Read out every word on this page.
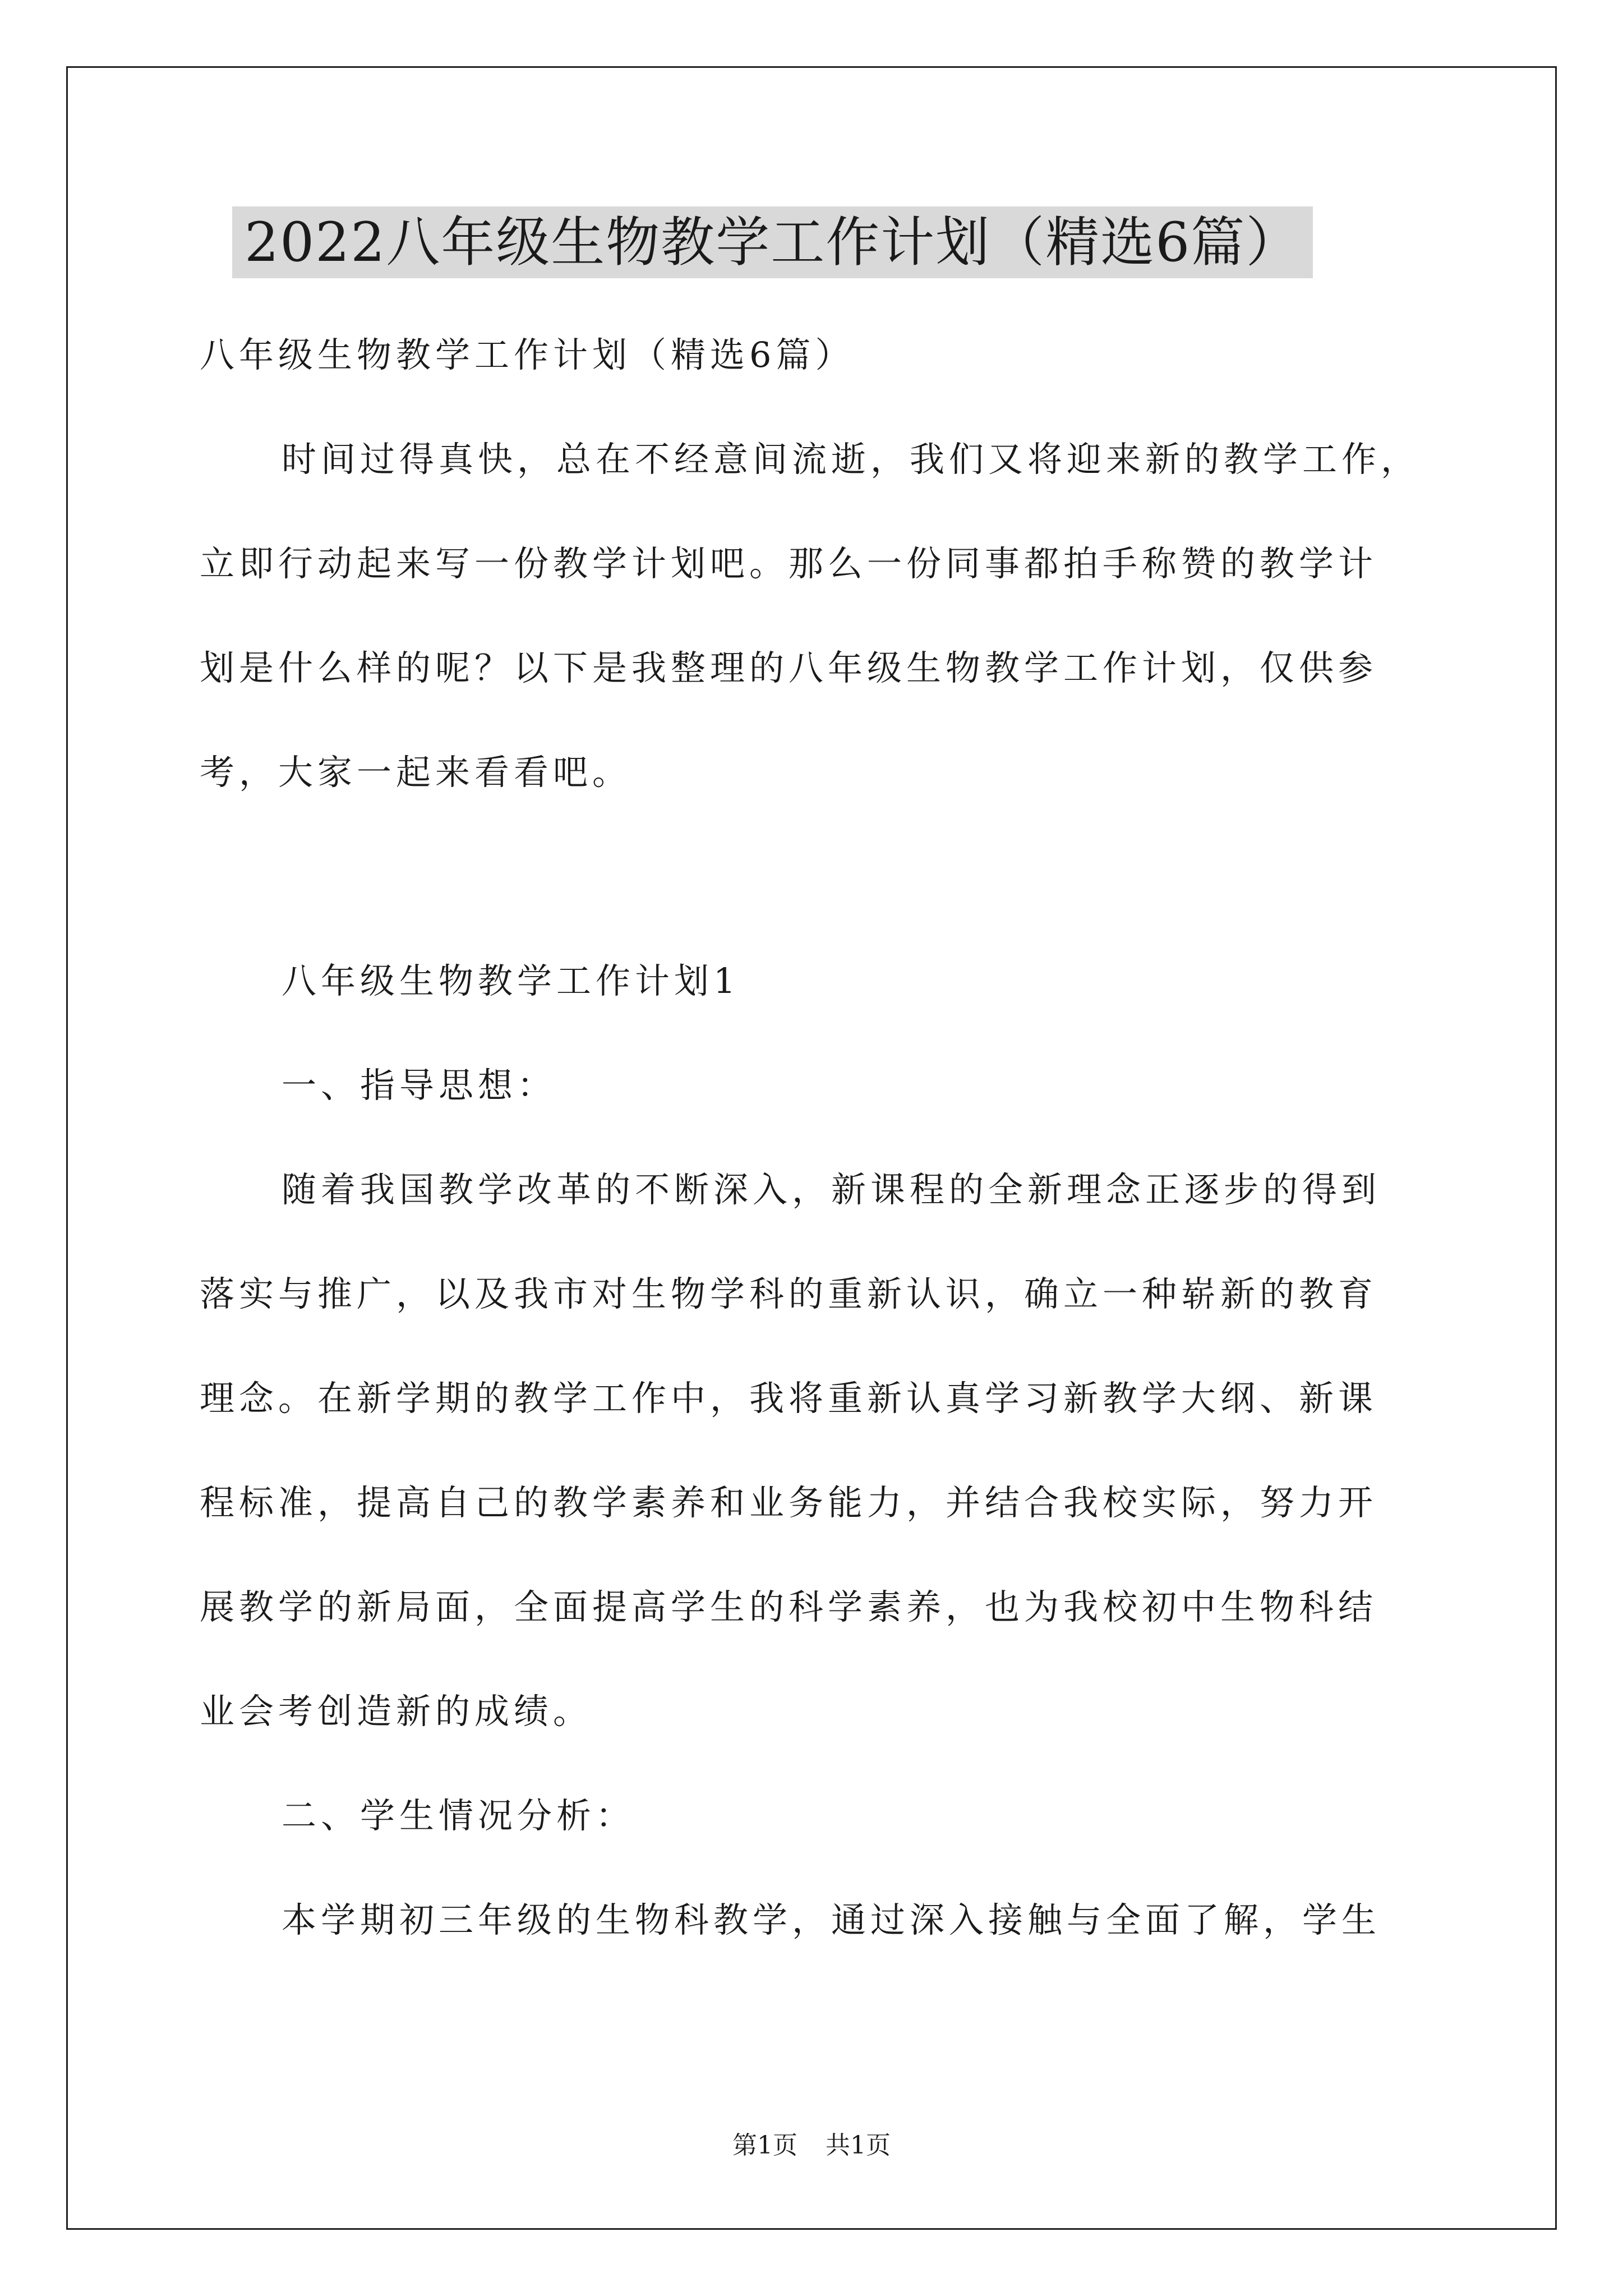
2022八年级生物教学工作计划（精选6篇）
八年级生物教学工作计划（精选6篇）
时间过得真快，总在不经意间流逝，我们又将迎来新的教学工作，
立即行动起来写一份教学计划吧。那么一份同事都拍手称赞的教学计
划是什么样的呢？以下是我整理的八年级生物教学工作计划，仅供参
考，大家一起来看看吧。
八年级生物教学工作计划1
一、指导思想：
随着我国教学改革的不断深入，新课程的全新理念正逐步的得到
落实与推广，以及我市对生物学科的重新认识，确立一种崭新的教育
理念。在新学期的教学工作中，我将重新认真学习新教学大纲、新课
程标准，提高自己的教学素养和业务能力，并结合我校实际，努力开
展教学的新局面，全面提高学生的科学素养，也为我校初中生物科结
业会考创造新的成绩。
二、学生情况分析：
本学期初三年级的生物科教学，通过深入接触与全面了解，学生
第1页 共1页
